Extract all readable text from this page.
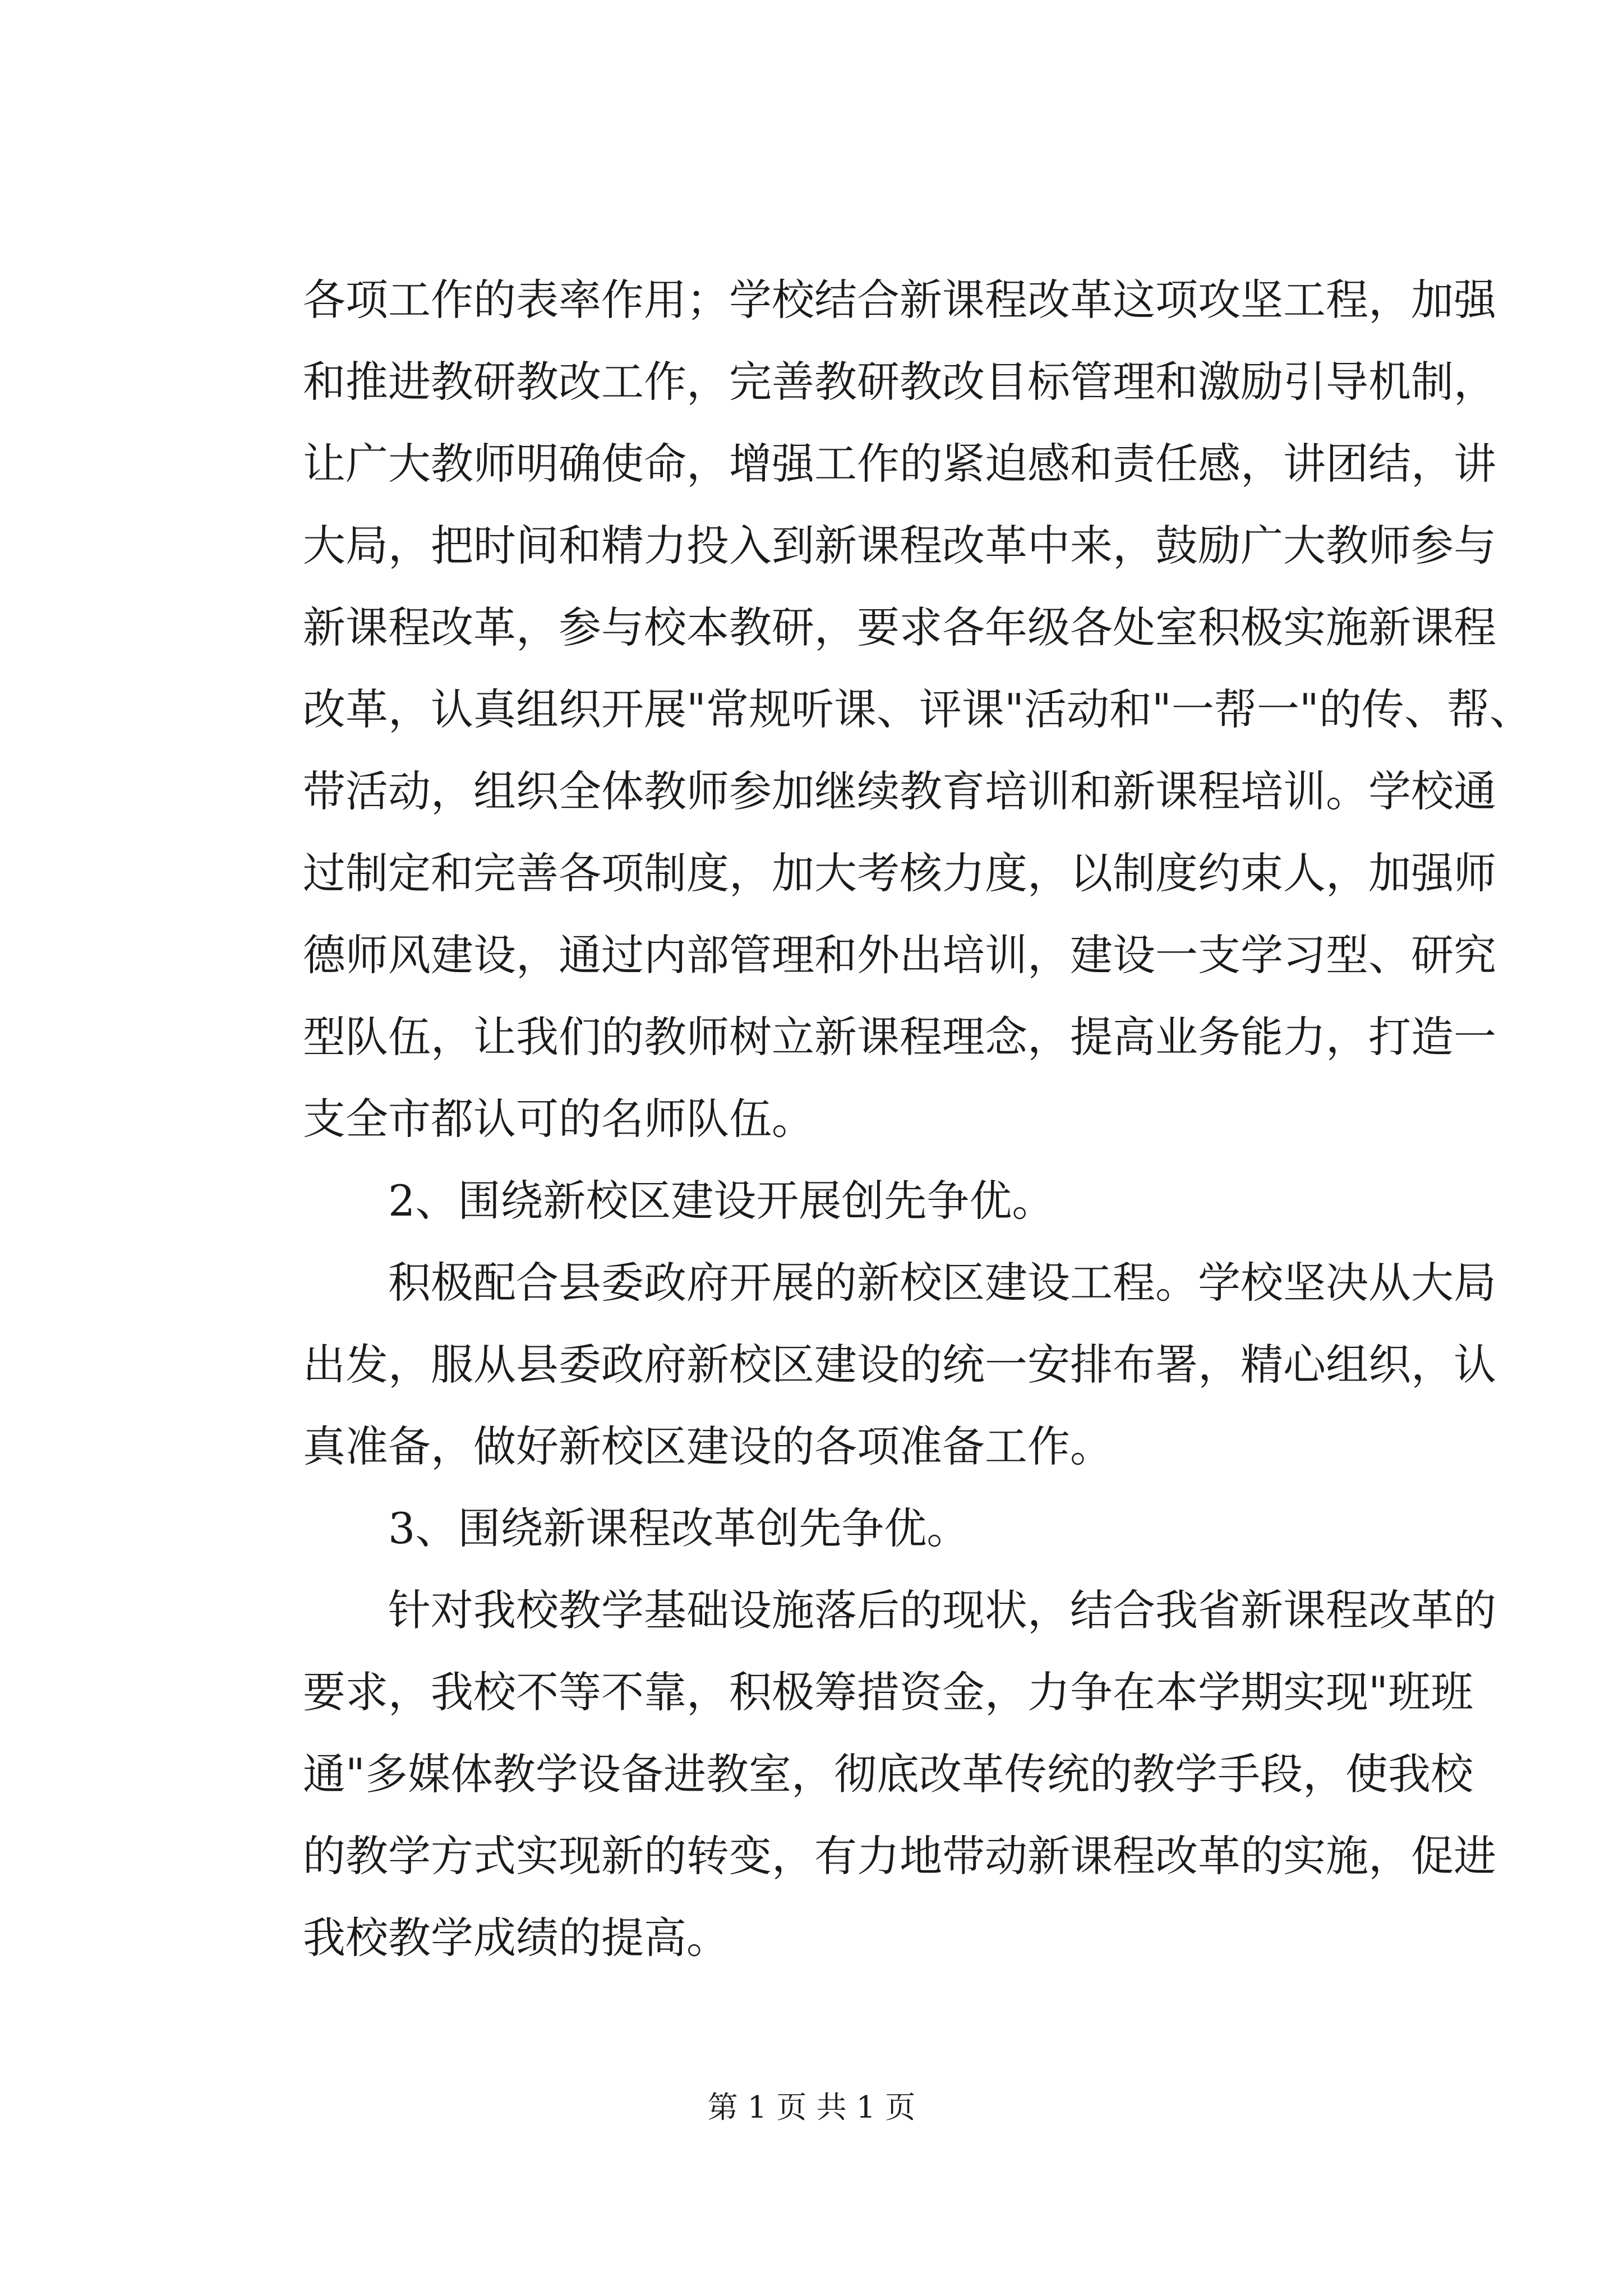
各项工作的表率作用；学校结合新课程改革这项攻坚工程，加强
和推进教研教改工作，完善教研教改目标管理和激励引导机制，
让广大教师明确使命，增强工作的紧迫感和责任感，讲团结，讲
大局，把时间和精力投入到新课程改革中来，鼓励广大教师参与
新课程改革，参与校本教研，要求各年级各处室积极实施新课程
改革，认真组织开展"常规听课、评课"活动和"一帮一"的传、帮、
带活动，组织全体教师参加继续教育培训和新课程培训。学校通
过制定和完善各项制度，加大考核力度，以制度约束人，加强师
德师风建设，通过内部管理和外出培训，建设一支学习型、研究
型队伍，让我们的教师树立新课程理念，提高业务能力，打造一
支全市都认可的名师队伍。
2、围绕新校区建设开展创先争优。
积极配合县委政府开展的新校区建设工程。学校坚决从大局
出发，服从县委政府新校区建设的统一安排布署，精心组织，认
真准备，做好新校区建设的各项准备工作。
3、围绕新课程改革创先争优。
针对我校教学基础设施落后的现状，结合我省新课程改革的
要求，我校不等不靠，积极筹措资金，力争在本学期实现"班班
通"多媒体教学设备进教室，彻底改革传统的教学手段，使我校
的教学方式实现新的转变，有力地带动新课程改革的实施，促进
我校教学成绩的提高。
第 1 页 共 1 页
